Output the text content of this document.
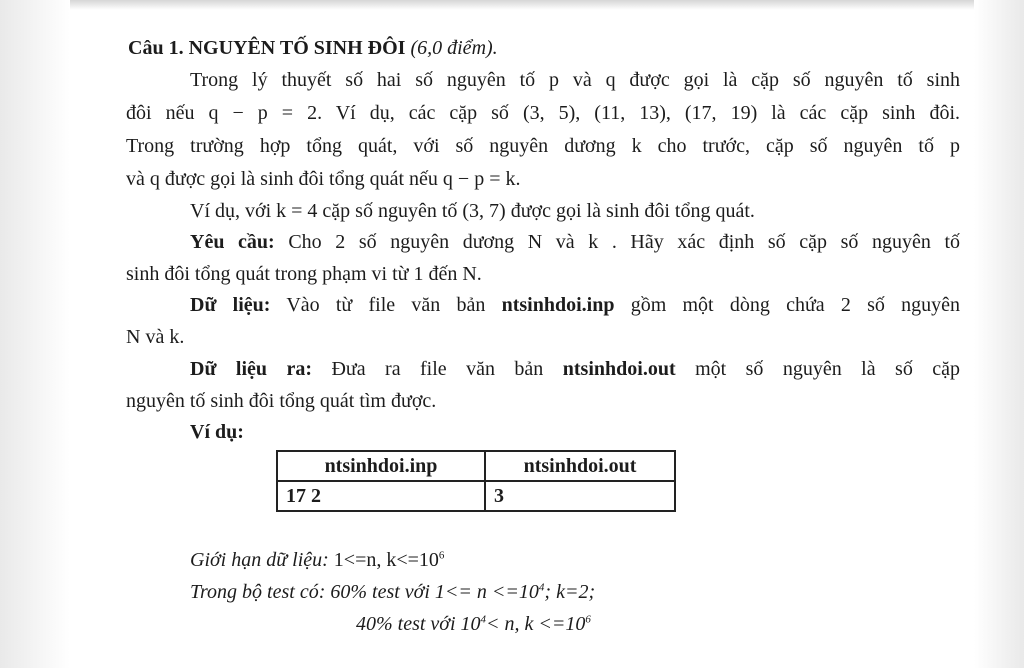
Câu 1. NGUYÊN TỐ SINH ĐÔI (6,0 điểm).
Trong lý thuyết số hai số nguyên tố p và q được gọi là cặp số nguyên tố sinh
đôi nếu q − p = 2. Ví dụ, các cặp số (3, 5), (11, 13), (17, 19) là các cặp sinh đôi.
Trong trường hợp tổng quát, với số nguyên dương k cho trước, cặp số nguyên tố p
và q được gọi là sinh đôi tổng quát nếu q − p = k.
Ví dụ, với k = 4 cặp số nguyên tố (3, 7) được gọi là sinh đôi tổng quát.
Yêu cầu: Cho 2 số nguyên dương N và k . Hãy xác định số cặp số nguyên tố
sinh đôi tổng quát trong phạm vi từ 1 đến N.
Dữ liệu: Vào từ file văn bản ntsinhdoi.inp gồm một dòng chứa 2 số nguyên
N và k.
Dữ liệu ra: Đưa ra file văn bản ntsinhdoi.out một số nguyên là số cặp
nguyên tố sinh đôi tổng quát tìm được.
Ví dụ:
ntsinhdoi.inp	ntsinhdoi.out
17 2	3
Giới hạn dữ liệu: 1<=n, $k<=10^6$
Trong bộ test có: 60% test với $1<= n <=10^4$; k=2;
40% test với $10^4< n$, $k <=10^6$
